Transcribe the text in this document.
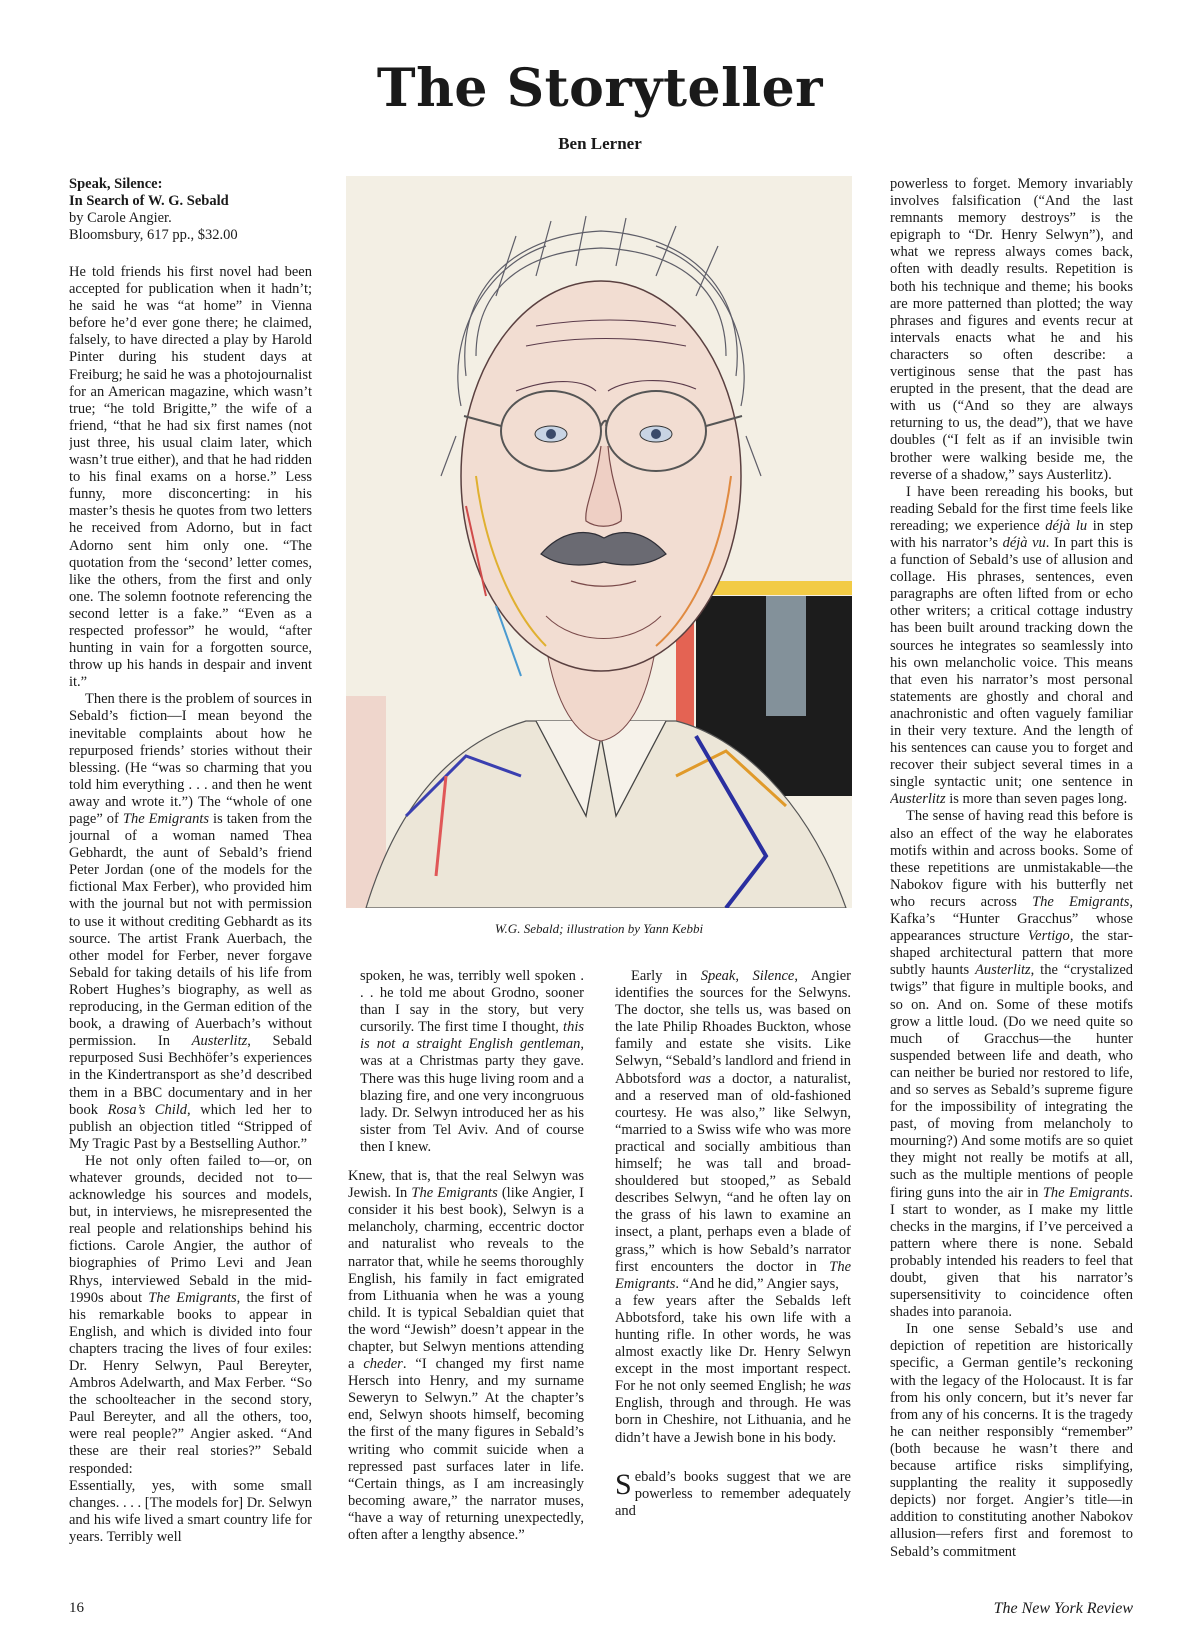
The Storyteller
Ben Lerner
Speak, Silence:
In Search of W. G. Sebald
by Carole Angier.
Bloomsbury, 617 pp., $32.00

He told friends his first novel had been accepted for publication when it hadn’t; he said he was “at home” in Vienna before he’d ever gone there; he claimed, falsely, to have directed a play by Harold Pinter during his student days at Freiburg; he said he was a photojournalist for an American magazine, which wasn’t true; “he told Brigitte,” the wife of a friend, “that he had six first names (not just three, his usual claim later, which wasn’t true either), and that he had ridden to his final exams on a horse.” Less funny, more disconcerting: in his master’s thesis he quotes from two letters he received from Adorno, but in fact Adorno sent him only one. “The quotation from the ‘second’ letter comes, like the others, from the first and only one. The solemn footnote referencing the second letter is a fake.” “Even as a respected professor” he would, “after hunting in vain for a forgotten source, throw up his hands in despair and invent it.”

Then there is the problem of sources in Sebald’s fiction—I mean beyond the inevitable complaints about how he repurposed friends’ stories without their blessing. (He “was so charming that you told him everything . . . and then he went away and wrote it.”) The “whole of one page” of The Emigrants is taken from the journal of a woman named Thea Gebhardt, the aunt of Sebald’s friend Peter Jordan (one of the models for the fictional Max Ferber), who provided him with the journal but not with permission to use it without crediting Gebhardt as its source. The artist Frank Auerbach, the other model for Ferber, never forgave Sebald for taking details of his life from Robert Hughes’s biography, as well as reproducing, in the German edition of the book, a drawing of Auerbach’s without permission. In Austerlitz, Sebald repurposed Susi Bechhöfer’s experiences in the Kindertransport as she’d described them in a BBC documentary and in her book Rosa’s Child, which led her to publish an objection titled “Stripped of My Tragic Past by a Bestselling Author.”

He not only often failed to—or, on whatever grounds, decided not to—acknowledge his sources and models, but, in interviews, he misrepresented the real people and relationships behind his fictions. Carole Angier, the author of biographies of Primo Levi and Jean Rhys, interviewed Sebald in the mid-1990s about The Emigrants, the first of his remarkable books to appear in English, and which is divided into four chapters tracing the lives of four exiles: Dr. Henry Selwyn, Paul Bereyter, Ambros Adelwarth, and Max Ferber. “So the schoolteacher in the second story, Paul Bereyter, and all the others, too, were real people?” Angier asked. “And these are their real stories?” Sebald responded:

Essentially, yes, with some small changes. . . . [The models for] Dr. Selwyn and his wife lived a smart country life for years. Terribly well

W.G. Sebald; illustration by Yann Kebbi

spoken, he was, terribly well spoken . . . he told me about Grodno, sooner than I say in the story, but very cursorily. The first time I thought, this is not a straight English gentleman, was at a Christmas party they gave. There was this huge living room and a blazing fire, and one very incongruous lady. Dr. Selwyn introduced her as his sister from Tel Aviv. And of course then I knew.

Knew, that is, that the real Selwyn was Jewish. In The Emigrants (like Angier, I consider it his best book), Selwyn is a melancholy, charming, eccentric doctor and naturalist who reveals to the narrator that, while he seems thoroughly English, his family in fact emigrated from Lithuania when he was a young child. It is typical Sebaldian quiet that the word “Jewish” doesn’t appear in the chapter, but Selwyn mentions attending a cheder. “I changed my first name Hersch into Henry, and my surname Seweryn to Selwyn.” At the chapter’s end, Selwyn shoots himself, becoming the first of the many figures in Sebald’s writing who commit suicide when a repressed past surfaces later in life. “Certain things, as I am increasingly becoming aware,” the narrator muses, “have a way of returning unexpectedly, often after a lengthy absence.”

Early in Speak, Silence, Angier identifies the sources for the Selwyns. The doctor, she tells us, was based on the late Philip Rhoades Buckton, whose family and estate she visits. Like Selwyn, “Sebald’s landlord and friend in Abbotsford was a doctor, a naturalist, and a reserved man of old-fashioned courtesy. He was also,” like Selwyn, “married to a Swiss wife who was more practical and socially ambitious than himself; he was tall and broad-shouldered but stooped,” as Sebald describes Selwyn, “and he often lay on the grass of his lawn to examine an insect, a plant, perhaps even a blade of grass,” which is how Sebald’s narrator first encounters the doctor in The Emigrants. “And he did,” Angier says,

a few years after the Sebalds left Abbotsford, take his own life with a hunting rifle. In other words, he was almost exactly like Dr. Henry Selwyn except in the most important respect. For he not only seemed English; he was English, through and through. He was born in Cheshire, not Lithuania, and he didn’t have a Jewish bone in his body.

Sebald’s books suggest that we are powerless to remember adequately and

powerless to forget. Memory invariably involves falsification (“And the last remnants memory destroys” is the epigraph to “Dr. Henry Selwyn”), and what we repress always comes back, often with deadly results. Repetition is both his technique and theme; his books are more patterned than plotted; the way phrases and figures and events recur at intervals enacts what he and his characters so often describe: a vertiginous sense that the past has erupted in the present, that the dead are with us (“And so they are always returning to us, the dead”), that we have doubles (“I felt as if an invisible twin brother were walking beside me, the reverse of a shadow,” says Austerlitz).

I have been rereading his books, but reading Sebald for the first time feels like rereading; we experience déjà lu in step with his narrator’s déjà vu. In part this is a function of Sebald’s use of allusion and collage. His phrases, sentences, even paragraphs are often lifted from or echo other writers; a critical cottage industry has been built around tracking down the sources he integrates so seamlessly into his own melancholic voice. This means that even his narrator’s most personal statements are ghostly and choral and anachronistic and often vaguely familiar in their very texture. And the length of his sentences can cause you to forget and recover their subject several times in a single syntactic unit; one sentence in Austerlitz is more than seven pages long.

The sense of having read this before is also an effect of the way he elaborates motifs within and across books. Some of these repetitions are unmistakable—the Nabokov figure with his butterfly net who recurs across The Emigrants, Kafka’s “Hunter Gracchus” whose appearances structure Vertigo, the star-shaped architectural pattern that more subtly haunts Austerlitz, the “crystalized twigs” that figure in multiple books, and so on. And on. Some of these motifs grow a little loud. (Do we need quite so much of Gracchus—the hunter suspended between life and death, who can neither be buried nor restored to life, and so serves as Sebald’s supreme figure for the impossibility of integrating the past, of moving from melancholy to mourning?) And some motifs are so quiet they might not really be motifs at all, such as the multiple mentions of people firing guns into the air in The Emigrants. I start to wonder, as I make my little checks in the margins, if I’ve perceived a pattern where there is none. Sebald probably intended his readers to feel that doubt, given that his narrator’s supersensitivity to coincidence often shades into paranoia.

In one sense Sebald’s use and depiction of repetition are historically specific, a German gentile’s reckoning with the legacy of the Holocaust. It is far from his only concern, but it’s never far from any of his concerns. It is the tragedy he can neither responsibly “remember” (both because he wasn’t there and because artifice risks simplifying, supplanting the reality it supposedly depicts) nor forget. Angier’s title—in addition to constituting another Nabokov allusion—refers first and foremost to Sebald’s commitment

16	The New York Review
